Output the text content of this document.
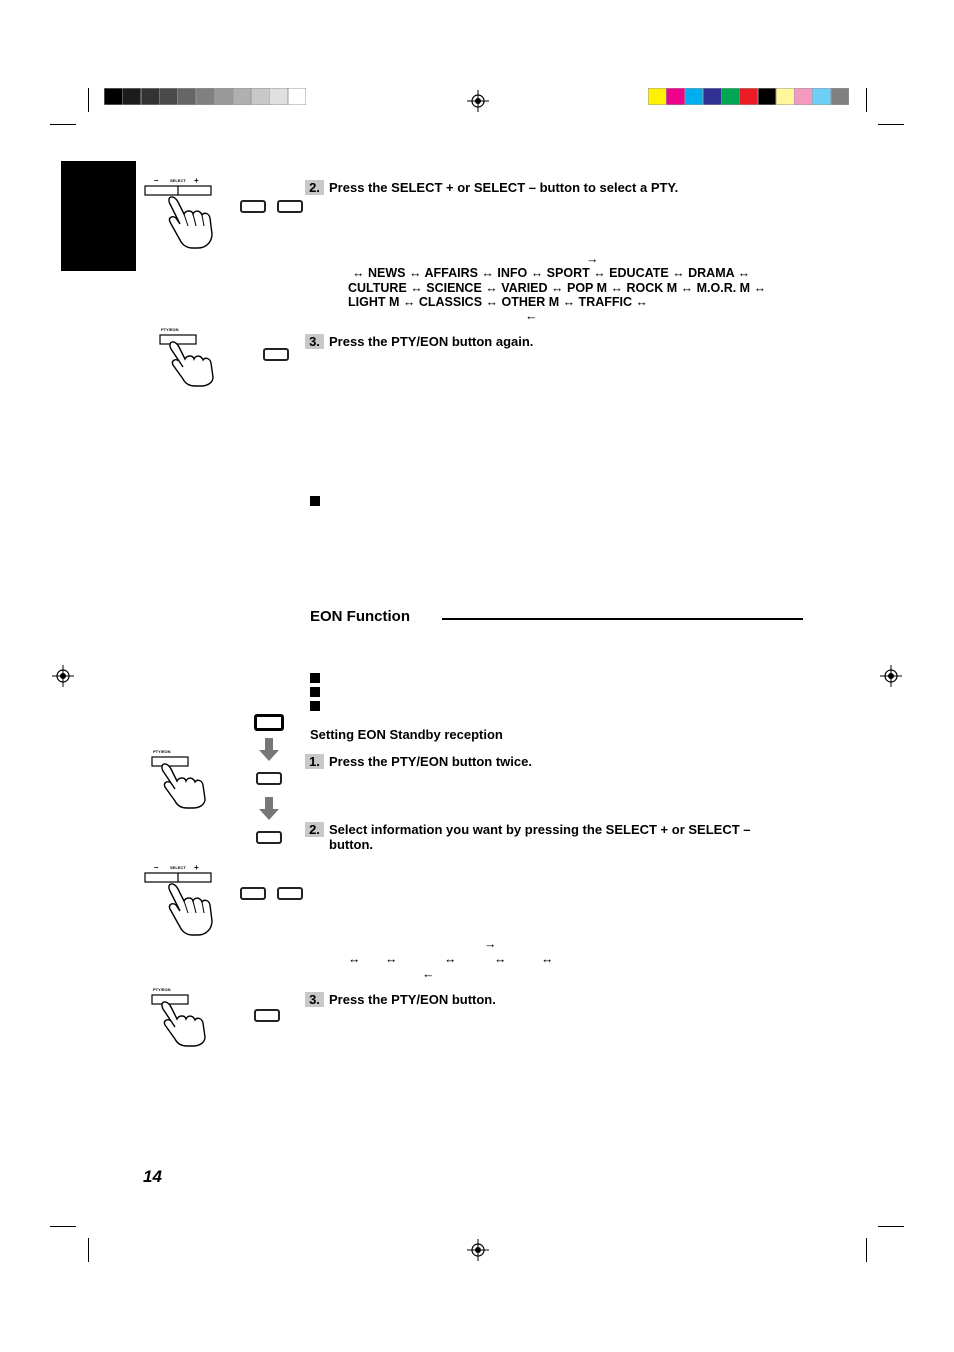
–	SELECT +	2. Press the SELECT + or SELECT – button to select a PTY.
→
↔ NEWS ↔ AFFAIRS ↔ INFO ↔ SPORT ↔ EDUCATE ↔ DRAMA ↔
CULTURE ↔ SCIENCE ↔ VARIED ↔ POP M ↔ ROCK M ↔ M.O.R. M ↔
LIGHT M ↔ CLASSICS ↔ OTHER M ↔ TRAFFIC ↔
←
PTY/EON
3. Press the PTY/EON button again.
EON Function
Setting EON Standby reception
PTY/EON
1. Press the PTY/EON button twice.
2. Select information you want by pressing the SELECT + or SELECT –
button.
–	SELECT +
→
↔ ↔	↔	↔	↔
←
PTY/EON
3. Press the PTY/EON button.
14
